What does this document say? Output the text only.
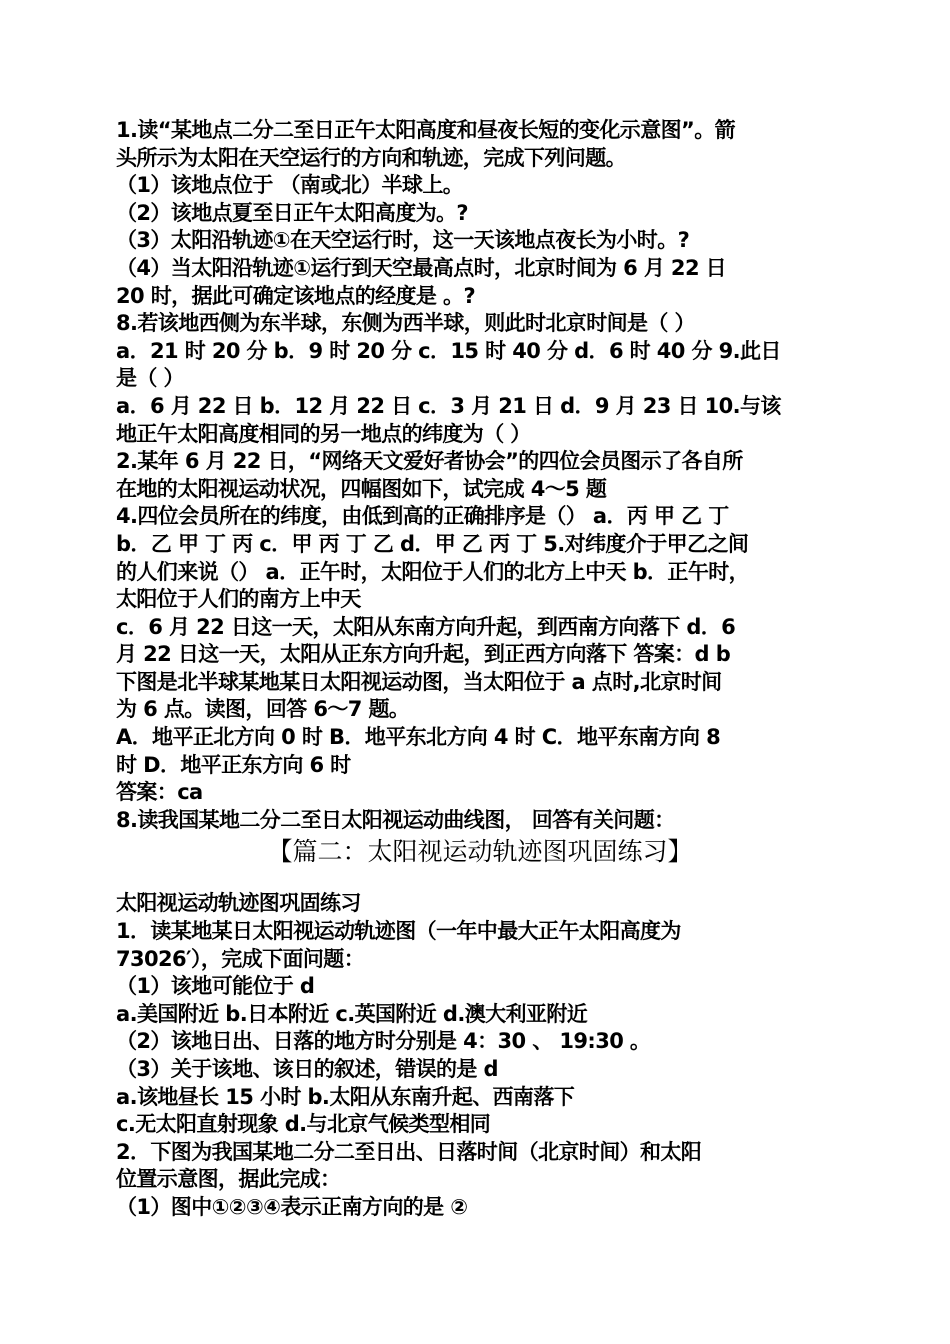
1.读“某地点二分二至日正午太阳高度和昼夜长短的变化示意图”。箭
头所示为太阳在天空运行的方向和轨迹，完成下列问题。
（1）该地点位于 （南或北）半球上。
（2）该地点夏至日正午太阳高度为。?
（3）太阳沿轨迹①在天空运行时，这一天该地点夜长为小时。?
（4）当太阳沿轨迹①运行到天空最高点时，北京时间为 6 月 22 日
20 时，据此可确定该地点的经度是 。?
8.若该地西侧为东半球，东侧为西半球，则此时北京时间是（ ）
a．21 时 20 分 b．9 时 20 分 c．15 时 40 分 d．6 时 40 分 9.此日
是（ ）
a．6 月 22 日 b．12 月 22 日 c．3 月 21 日 d．9 月 23 日 10.与该
地正午太阳高度相同的另一地点的纬度为（ ）
2.某年 6 月 22 日，“网络天文爱好者协会”的四位会员图示了各自所
在地的太阳视运动状况，四幅图如下，试完成 4～5 题
4.四位会员所在的纬度，由低到高的正确排序是（） a．丙 甲 乙 丁
b．乙 甲 丁 丙 c．甲 丙 丁 乙 d．甲 乙 丙 丁 5.对纬度介于甲乙之间
的人们来说（） a．正午时，太阳位于人们的北方上中天 b．正午时，
太阳位于人们的南方上中天
c．6 月 22 日这一天，太阳从东南方向升起，到西南方向落下 d．6
月 22 日这一天，太阳从正东方向升起，到正西方向落下 答案：d b
下图是北半球某地某日太阳视运动图，当太阳位于 a 点时,北京时间
为 6 点。读图，回答 6～7 题。
A．地平正北方向 0 时 B．地平东北方向 4 时 C．地平东南方向 8
时 D．地平正东方向 6 时
答案：ca
8.读我国某地二分二至日太阳视运动曲线图， 回答有关问题：
【篇二：太阳视运动轨迹图巩固练习】
太阳视运动轨迹图巩固练习
1．读某地某日太阳视运动轨迹图（一年中最大正午太阳高度为
73026′），完成下面问题：
（1）该地可能位于 d
a.美国附近 b.日本附近 c.英国附近 d.澳大利亚附近
（2）该地日出、日落的地方时分别是 4：30 、 19:30 。
（3）关于该地、该日的叙述，错误的是 d
a.该地昼长 15 小时 b.太阳从东南升起、西南落下
c.无太阳直射现象 d.与北京气候类型相同
2．下图为我国某地二分二至日出、日落时间（北京时间）和太阳
位置示意图，据此完成：
（1）图中①②③④表示正南方向的是 ②
